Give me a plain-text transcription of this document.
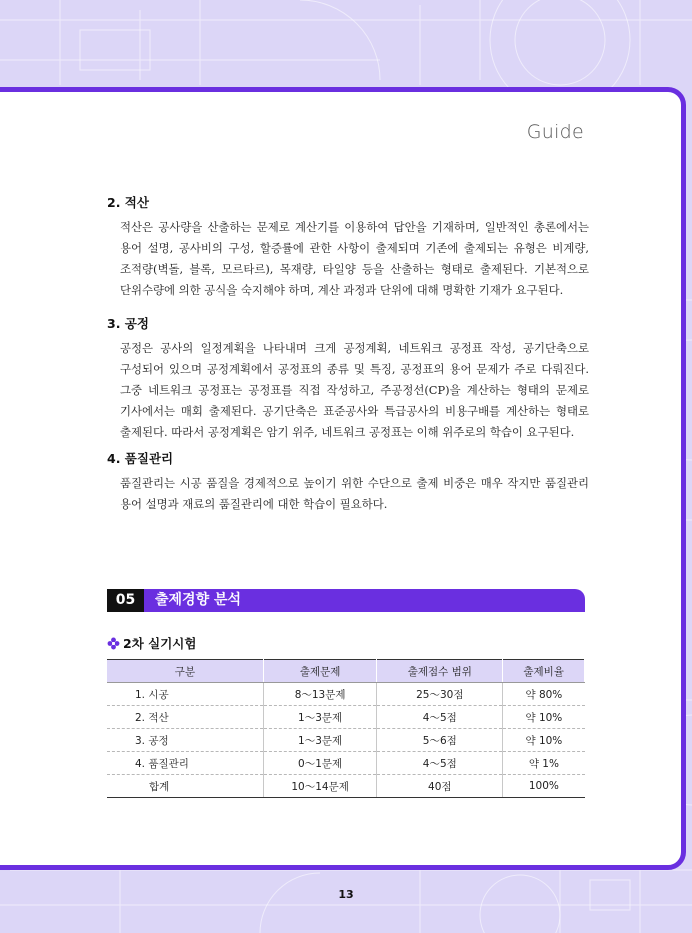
Guide
2. 적산

적산은 공사량을 산출하는 문제로 계산기를 이용하여 답안을 기재하며, 일반적인 총론에서는 용어 설명, 공사비의 구성, 할증률에 관한 사항이 출제되며 기존에 출제되는 유형은 비계량, 조적량(벽돌, 블록, 모르타르), 목재량, 타일양 등을 산출하는 형태로 출제된다. 기본적으로 단위수량에 의한 공식을 숙지해야 하며, 계산 과정과 단위에 대해 명확한 기재가 요구된다.

3. 공정

공정은 공사의 일정계획을 나타내며 크게 공정계획, 네트워크 공정표 작성, 공기단축으로 구성되어 있으며 공정계획에서 공정표의 종류 및 특징, 공정표의 용어 문제가 주로 다뤄진다. 그중 네트워크 공정표는 공정표를 직접 작성하고, 주공정선(CP)을 계산하는 형태의 문제로 기사에서는 매회 출제된다. 공기단축은 표준공사와 특급공사의 비용구배를 계산하는 형태로 출제된다. 따라서 공정계획은 암기 위주, 네트워크 공정표는 이해 위주로의 학습이 요구된다.

4. 품질관리

품질관리는 시공 품질을 경제적으로 높이기 위한 수단으로 출제 비중은 매우 작지만 품질관리 용어 설명과 재료의 품질관리에 대한 학습이 필요하다.

05	출제경향 분석
2차 실기시험
구분	출제문제	출제점수 범위	출제비율
1. 시공	8～13문제	25～30점	약 80%
2. 적산	1～3문제	4～5점	약 10%
3. 공정	1～3문제	5～6점	약 10%
4. 품질관리	0～1문제	4～5점	약 1%
합계	10～14문제	40점	100%
13
